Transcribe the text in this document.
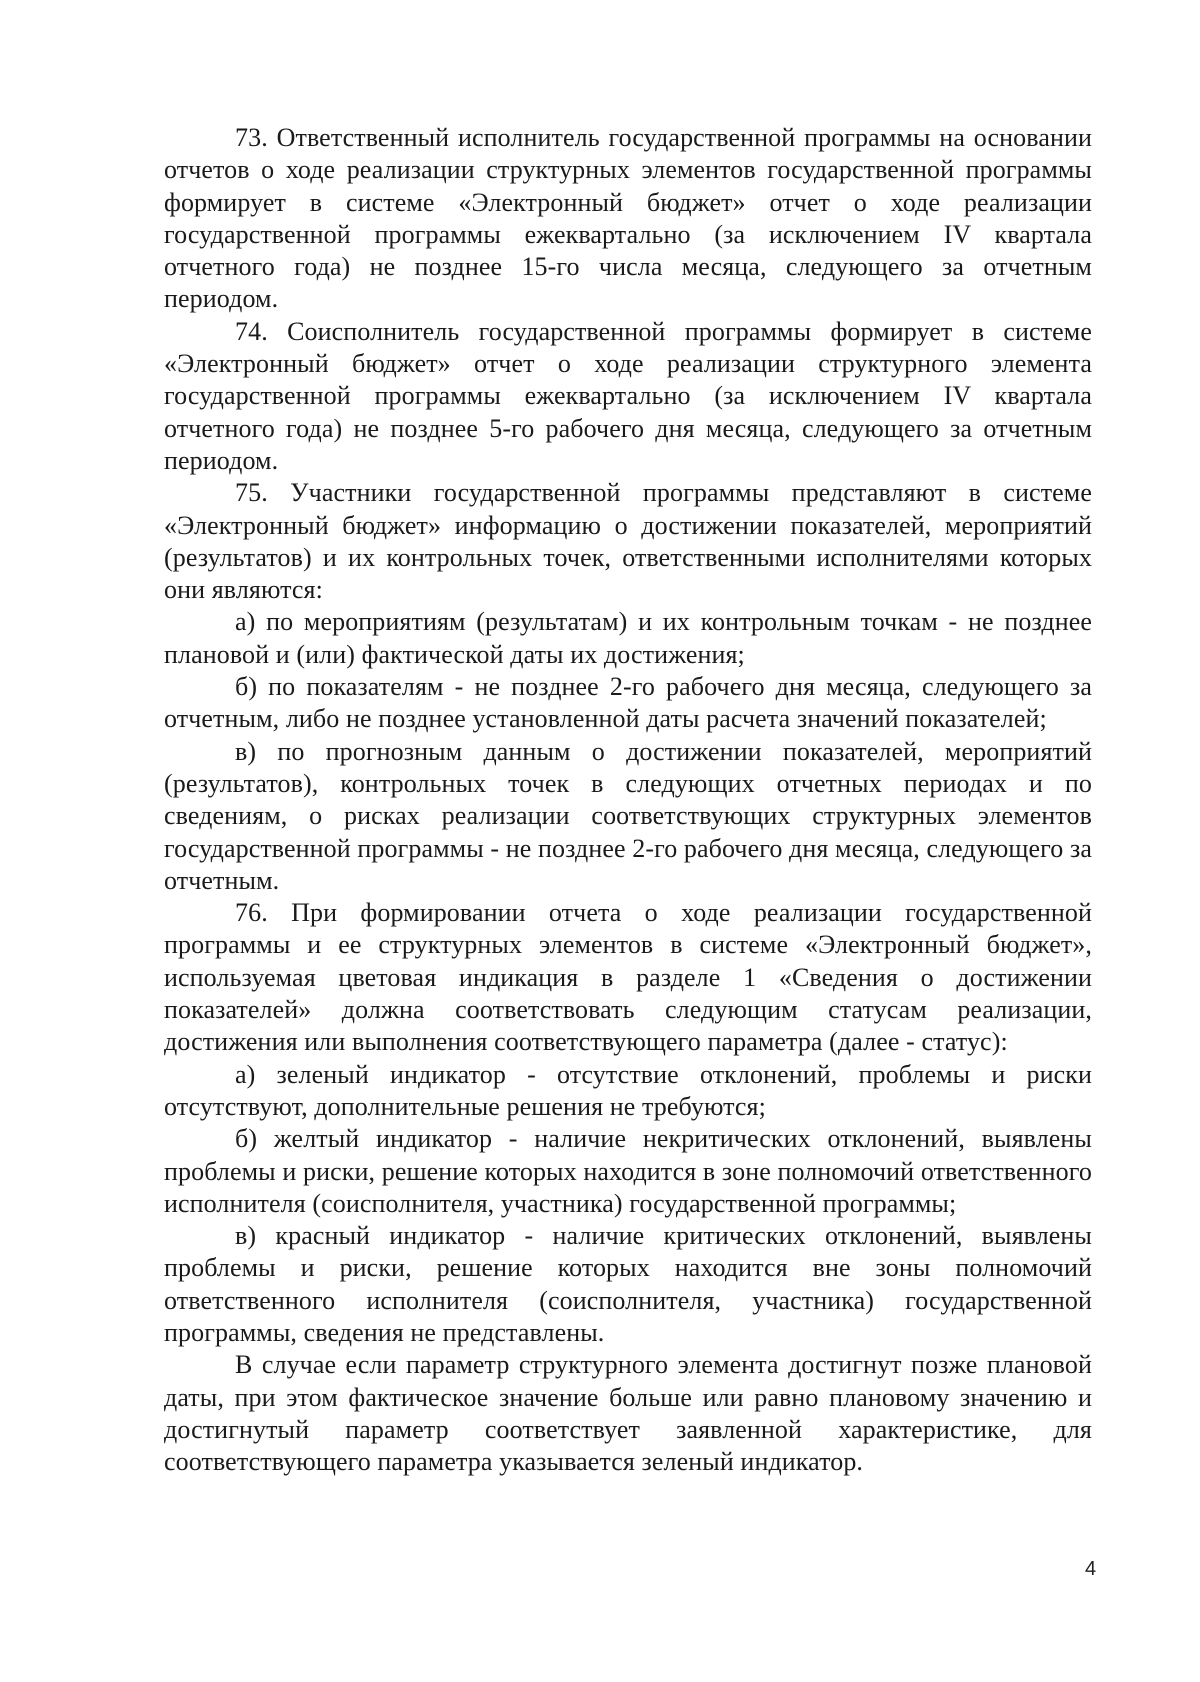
73. Ответственный исполнитель государственной программы на основании отчетов о ходе реализации структурных элементов государственной программы формирует в системе «Электронный бюджет» отчет о ходе реализации государственной программы ежеквартально (за исключением IV квартала отчетного года) не позднее 15-го числа месяца, следующего за отчетным периодом.

74. Соисполнитель государственной программы формирует в системе «Электронный бюджет» отчет о ходе реализации структурного элемента государственной программы ежеквартально (за исключением IV квартала отчетного года) не позднее 5-го рабочего дня месяца, следующего за отчетным периодом.

75. Участники государственной программы представляют в системе «Электронный бюджет» информацию о достижении показателей, мероприятий (результатов) и их контрольных точек, ответственными исполнителями которых они являются:

а) по мероприятиям (результатам) и их контрольным точкам - не позднее плановой и (или) фактической даты их достижения;

б) по показателям - не позднее 2-го рабочего дня месяца, следующего за отчетным, либо не позднее установленной даты расчета значений показателей;

в) по прогнозным данным о достижении показателей, мероприятий (результатов), контрольных точек в следующих отчетных периодах и по сведениям, о рисках реализации соответствующих структурных элементов государственной программы - не позднее 2-го рабочего дня месяца, следующего за отчетным.

76. При формировании отчета о ходе реализации государственной программы и ее структурных элементов в системе «Электронный бюджет», используемая цветовая индикация в разделе 1 «Сведения о достижении показателей» должна соответствовать следующим статусам реализации, достижения или выполнения соответствующего параметра (далее - статус):

а) зеленый индикатор - отсутствие отклонений, проблемы и риски отсутствуют, дополнительные решения не требуются;

б) желтый индикатор - наличие некритических отклонений, выявлены проблемы и риски, решение которых находится в зоне полномочий ответственного исполнителя (соисполнителя, участника) государственной программы;

в) красный индикатор - наличие критических отклонений, выявлены проблемы и риски, решение которых находится вне зоны полномочий ответственного исполнителя (соисполнителя, участника) государственной программы, сведения не представлены.

В случае если параметр структурного элемента достигнут позже плановой даты, при этом фактическое значение больше или равно плановому значению и достигнутый параметр соответствует заявленной характеристике, для соответствующего параметра указывается зеленый индикатор.

4
